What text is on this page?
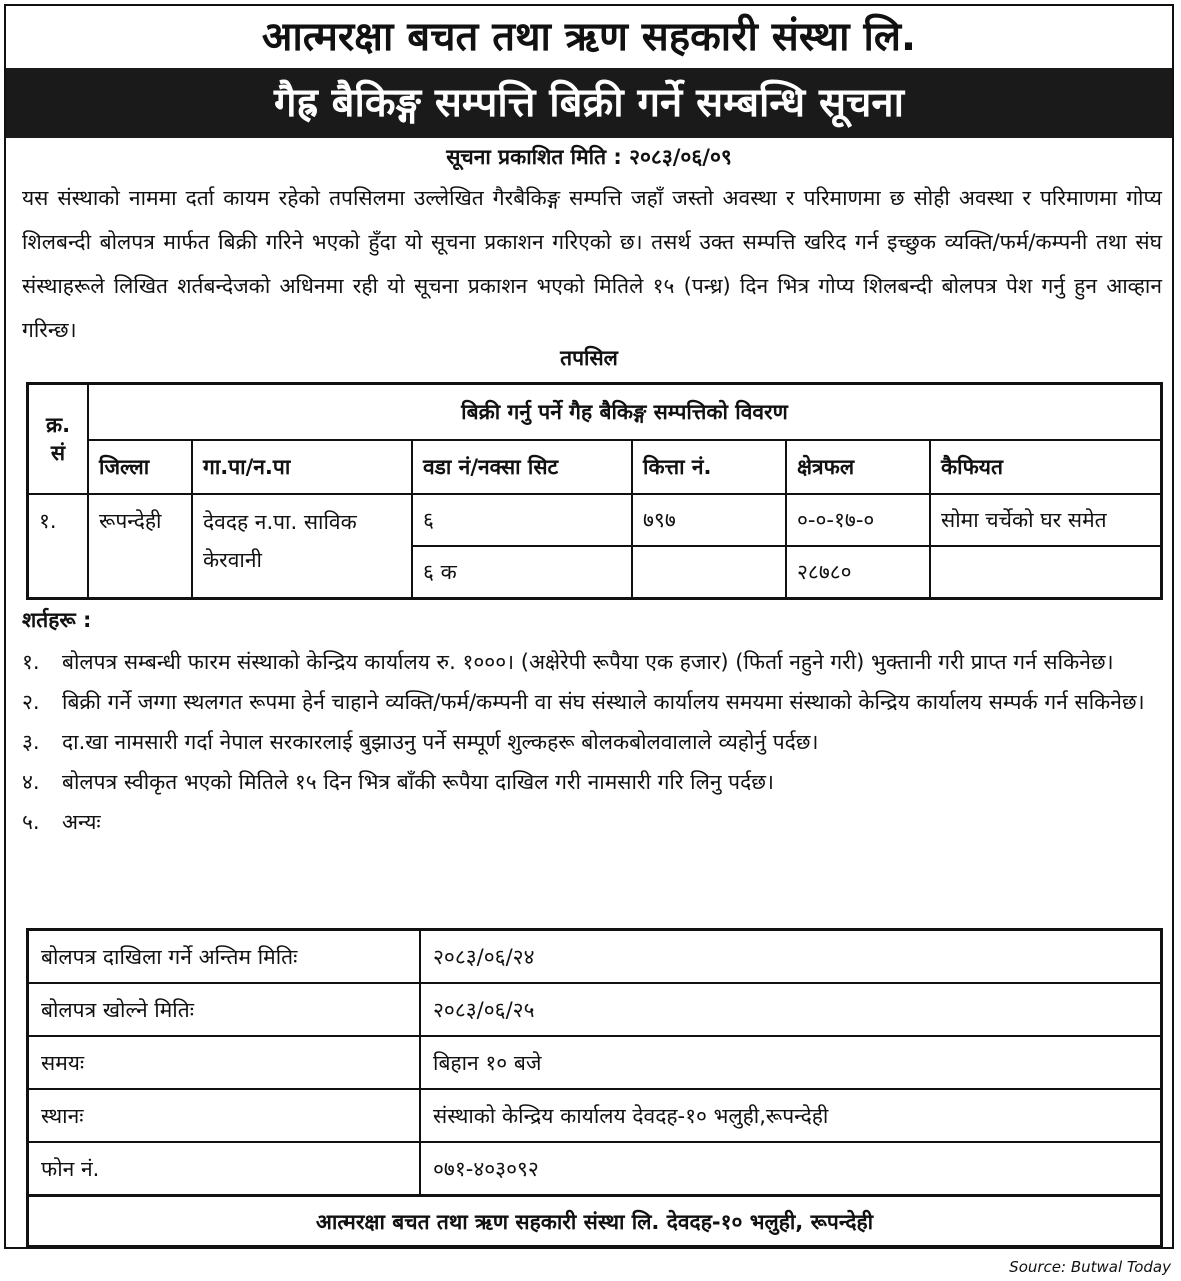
आत्मरक्षा बचत तथा ऋण सहकारी संस्था लि.
गैह्र बैकिङ्ग सम्पत्ति बिक्री गर्ने सम्बन्धि सूचना
सूचना प्रकाशित मिति : २०८३/०६/०९
यस संस्थाको नाममा दर्ता कायम रहेको तपसिलमा उल्लेखित गैरबैकिङ्ग सम्पत्ति जहाँ जस्तो अवस्था र परिमाणमा छ सोही अवस्था र परिमाणमा गोप्य शिलबन्दी बोलपत्र मार्फत बिक्री गरिने भएको हुँदा यो सूचना प्रकाशन गरिएको छ। तसर्थ उक्त सम्पत्ति खरिद गर्न इच्छुक व्यक्ति/फर्म/कम्पनी तथा संघ संस्थाहरूले लिखित शर्तबन्देजको अधिनमा रही यो सूचना प्रकाशन भएको मितिले १५ (पन्ध्र) दिन भित्र गोप्य शिलबन्दी बोलपत्र पेश गर्नु हुन आव्हान गरिन्छ।
तपसिल
क्र. सं	बिक्री गर्नु पर्ने गैह बैकिङ्ग सम्पत्तिको विवरण					
	जिल्ला	गा.पा/न.पा	वडा नं/नक्सा सिट	कित्ता नं.	क्षेत्रफल	कैफियत
१.	रूपन्देही	देवदह न.पा. साविक केरवानी	६	७९७	०-०-१७-०	सोमा चर्चेको घर समेत
			६ क		२८७८०	
शर्तहरू :
१. बोलपत्र सम्बन्धी फारम संस्थाको केन्द्रिय कार्यालय रु. १०००। (अक्षेरेपी रूपैया एक हजार) (फिर्ता नहुने गरी) भुक्तानी गरी प्राप्त गर्न सकिनेछ।
२. बिक्री गर्ने जग्गा स्थलगत रूपमा हेर्न चाहाने व्यक्ति/फर्म/कम्पनी वा संघ संस्थाले कार्यालय समयमा संस्थाको केन्द्रिय कार्यालय सम्पर्क गर्न सकिनेछ।
३. दा.खा नामसारी गर्दा नेपाल सरकारलाई बुझाउनु पर्ने सम्पूर्ण शुल्कहरू बोलकबोलवालाले व्यहोर्नु पर्दछ।
४. बोलपत्र स्वीकृत भएको मितिले १५ दिन भित्र बाँकी रूपैया दाखिल गरी नामसारी गरि लिनु पर्दछ।
५. अन्यः
बोलपत्र दाखिला गर्ने अन्तिम मितिः	२०८३/०६/२४
बोलपत्र खोल्ने मितिः	२०८३/०६/२५
समयः	बिहान १० बजे
स्थानः	संस्थाको केन्द्रिय कार्यालय देवदह-१० भलुही,रूपन्देही
फोन नं.	०७१-४०३०९२
आत्मरक्षा बचत तथा ऋण सहकारी संस्था लि. देवदह-१० भलुही, रूपन्देही
Source: Butwal Today
